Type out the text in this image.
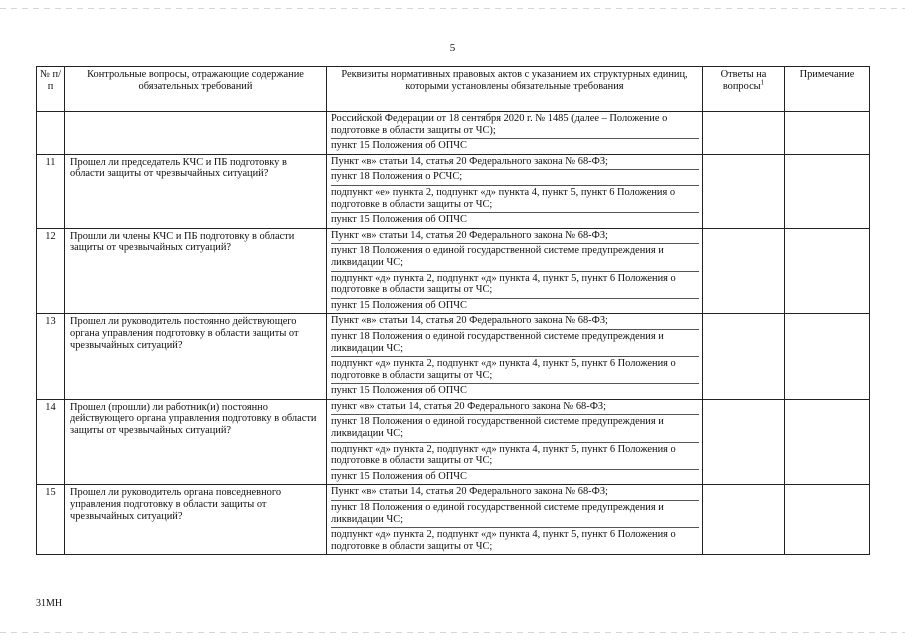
5
№ п/п	Контрольные вопросы, отражающие содержание обязательных требований	Реквизиты нормативных правовых актов с указанием их структурных единиц, которыми установлены обязательные требования	Ответы на вопросы$^1$	Примечание

		Российской Федерации от 18 сентября 2020 г. № 1485 (далее – Положение о подготовке в области защиты от ЧС);
пункт 15 Положения об ОПЧС		

11	Прошел ли председатель КЧС и ПБ подготовку в области защиты от чрезвычайных ситуаций?	Пункт «в» статьи 14, статья 20 Федерального закона № 68-ФЗ;
пункт 18 Положения о РСЧС;
подпункт «е» пункта 2, подпункт «д» пункта 4, пункт 5, пункт 6 Положения о подготовке в области защиты от ЧС;
пункт 15 Положения об ОПЧС		

12	Прошли ли члены КЧС и ПБ подготовку в области защиты от чрезвычайных ситуаций?	Пункт «в» статьи 14, статья 20 Федерального закона № 68-ФЗ;
пункт 18 Положения о единой государственной системе предупреждения и ликвидации ЧС;
подпункт «д» пункта 2, подпункт «д» пункта 4, пункт 5, пункт 6 Положения о подготовке в области защиты от ЧС;
пункт 15 Положения об ОПЧС		

13	Прошел ли руководитель постоянно действующего органа управления подготовку в области защиты от чрезвычайных ситуаций?	Пункт «в» статьи 14, статья 20 Федерального закона № 68-ФЗ;
пункт 18 Положения о единой государственной системе предупреждения и ликвидации ЧС;
подпункт «д» пункта 2, подпункт «д» пункта 4, пункт 5, пункт 6 Положения о подготовке в области защиты от ЧС;
пункт 15 Положения об ОПЧС		

14	Прошел (прошли) ли работник(и) постоянно действующего органа управления подготовку в области защиты от чрезвычайных ситуаций?	пункт «в» статьи 14, статья 20 Федерального закона № 68-ФЗ;
пункт 18 Положения о единой государственной системе предупреждения и ликвидации ЧС;
подпункт «д» пункта 2, подпункт «д» пункта 4, пункт 5, пункт 6 Положения о подготовке в области защиты от ЧС;
пункт 15 Положения об ОПЧС		

15	Прошел ли руководитель органа повседневного управления подготовку в области защиты от чрезвычайных ситуаций?	Пункт «в» статьи 14, статья 20 Федерального закона № 68-ФЗ;
пункт 18 Положения о единой государственной системе предупреждения и ликвидации ЧС;
подпункт «д» пункта 2, подпункт «д» пункта 4, пункт 5, пункт 6 Положения о подготовке в области защиты от ЧС;		

31МН
